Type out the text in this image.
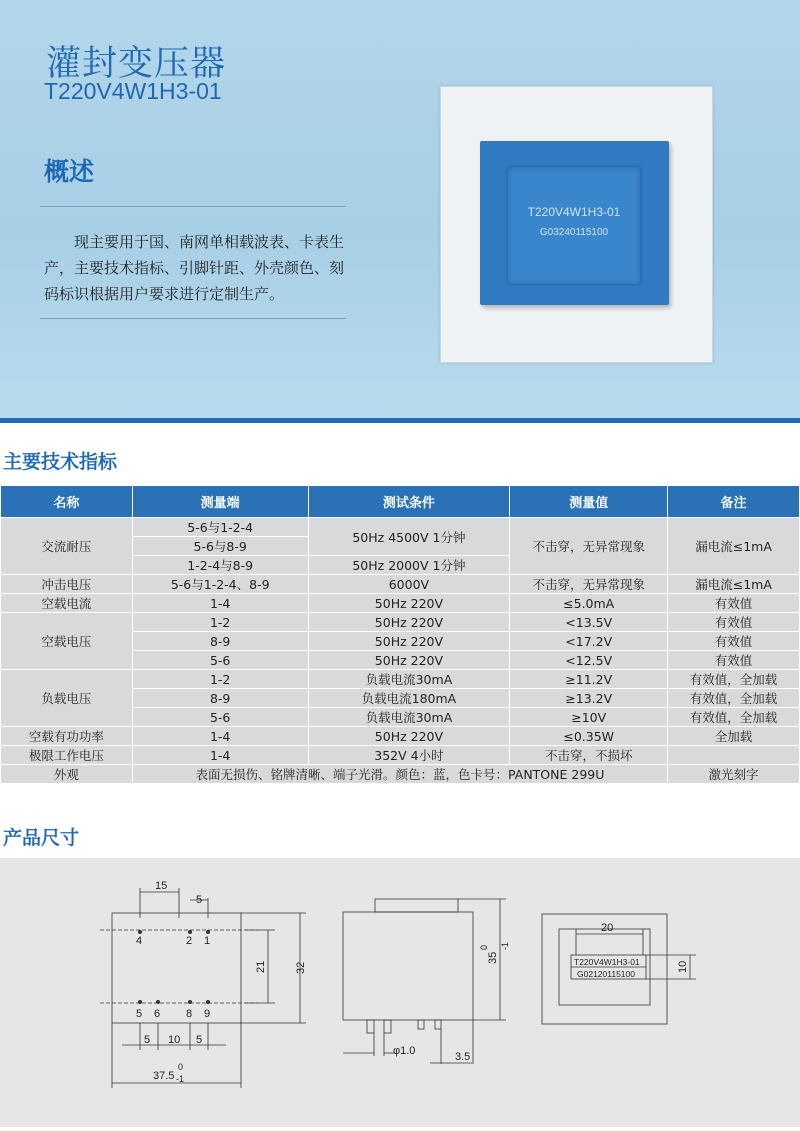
灌封变压器
T220V4W1H3-01
概述
现主要用于国、南网单相载波表、卡表生产，主要技术指标、引脚针距、外壳颜色、刻码标识根据用户要求进行定制生产。
T220V4W1H3-01
G03240115100
主要技术指标
名称	测量端	测试条件	测量值	备注
交流耐压	5-6与1-2-4	50Hz 4500V 1分钟	不击穿，无异常现象	漏电流≤1mA
	5-6与8-9			
	1-2-4与8-9	50Hz 2000V 1分钟		
冲击电压	5-6与1-2-4、8-9	6000V	不击穿，无异常现象	漏电流≤1mA
空载电流	1-4	50Hz 220V	≤5.0mA	有效值
空载电压	1-2	50Hz 220V	<13.5V	有效值
	8-9	50Hz 220V	<17.2V	有效值
	5-6	50Hz 220V	<12.5V	有效值
负载电压	1-2	负载电流30mA	≥11.2V	有效值，全加载
	8-9	负载电流180mA	≥13.2V	有效值，全加载
	5-6	负载电流30mA	≥10V	有效值，全加载
空载有功功率	1-4	50Hz 220V	≤0.35W	全加载
极限工作电压	1-4	352V 4小时	不击穿，不损坏	
外观	表面无损伤、铭牌清晰、端子光滑。颜色：蓝，色卡号：PANTONE 299U			激光刻字
产品尺寸
15
5
4	2 1
5 6 8 9
21	32
5 10 5
37.5
0
-1
35
0 -1
φ1.0	3.5
20
10
T220V4W1H3-01
G02120115100
